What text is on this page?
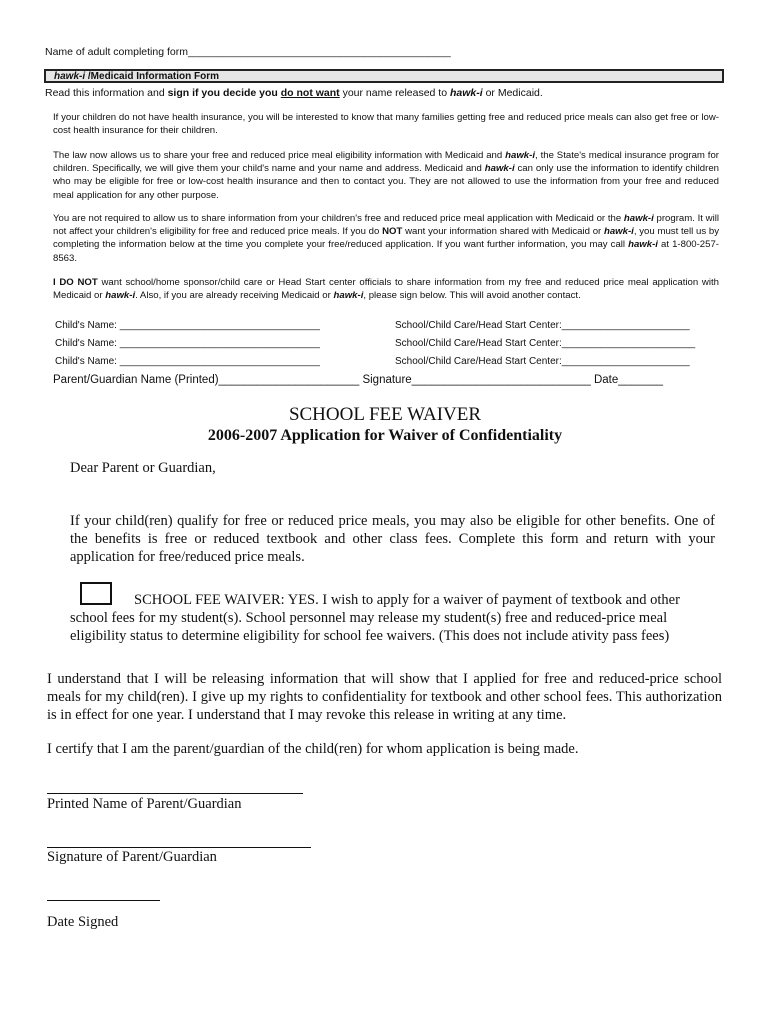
Name of adult completing form_____________________________________________
hawk-i /Medicaid Information Form
Read this information and sign if you decide you do not want your name released to hawk-i or Medicaid.
If your children do not have health insurance, you will be interested to know that many families getting free and reduced price meals can also get free or low-cost health insurance for their children.
The law now allows us to share your free and reduced price meal eligibility information with Medicaid and hawk-i, the State's medical insurance program for children. Specifically, we will give them your child's name and your name and address. Medicaid and hawk-i can only use the information to identify children who may be eligible for free or low-cost health insurance and then to contact you. They are not allowed to use the information from your free and reduced meal application for any other purpose.
You are not required to allow us to share information from your children's free and reduced price meal application with Medicaid or the hawk-i program. It will not affect your children's eligibility for free and reduced price meals. If you do NOT want your information shared with Medicaid or hawk-i, you must tell us by completing the information below at the time you complete your free/reduced application. If you want further information, you may call hawk-i at 1-800-257-8563.
I DO NOT want school/home sponsor/child care or Head Start center officials to share information from my free and reduced price meal application with Medicaid or hawk-i. Also, if you are already receiving Medicaid or hawk-i, please sign below. This will avoid another contact.
Child's Name: ____________________________________	School/Child Care/Head Start Center:_______________________
Child's Name: ____________________________________	School/Child Care/Head Start Center:________________________
Child's Name: ____________________________________	School/Child Care/Head Start Center:_______________________
Parent/Guardian Name (Printed)______________________ Signature____________________________ Date_______
SCHOOL FEE WAIVER
2006-2007 Application for Waiver of Confidentiality
Dear Parent or Guardian,
If your child(ren) qualify for free or reduced price meals, you may also be eligible for other benefits. One of the benefits is free or reduced textbook and other class fees. Complete this form and return with your application for free/reduced price meals.
SCHOOL FEE WAIVER: YES. I wish to apply for a waiver of payment of textbook and other school fees for my student(s). School personnel may release my student(s) free and reduced-price meal eligibility status to determine eligibility for school fee waivers. (This does not include ativity pass fees)
I understand that I will be releasing information that will show that I applied for free and reduced-price school meals for my child(ren). I give up my rights to confidentiality for textbook and other school fees. This authorization is in effect for one year. I understand that I may revoke this release in writing at any time.
I certify that I am the parent/guardian of the child(ren) for whom application is being made.
Printed Name of Parent/Guardian
Signature of Parent/Guardian
Date Signed
